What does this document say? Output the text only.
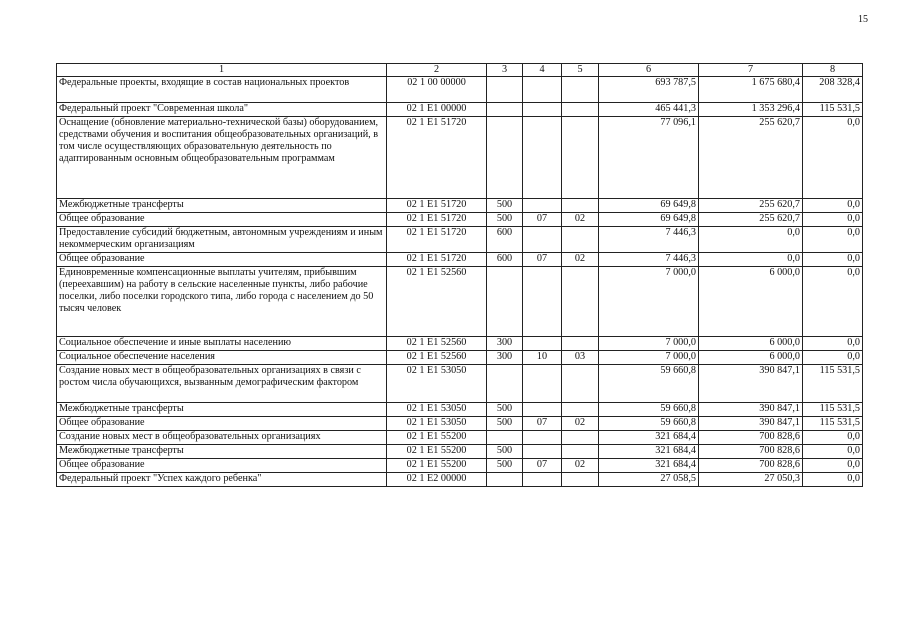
15
1	2	3	4	5	6	7	8
Федеральные проекты, входящие в состав национальных проектов	02 1 00 00000				693 787,5	1 675 680,4	208 328,4
Федеральный проект "Современная школа"	02 1 E1 00000				465 441,3	1 353 296,4	115 531,5
Оснащение (обновление материально-технической базы) оборудованием, средствами обучения и воспитания общеобразовательных организаций, в том числе осуществляющих образовательную деятельность по адаптированным основным общеобразовательным программам	02 1 E1 51720				77 096,1	255 620,7	0,0
Межбюджетные трансферты	02 1 E1 51720	500			69 649,8	255 620,7	0,0
Общее образование	02 1 E1 51720	500	07	02	69 649,8	255 620,7	0,0
Предоставление субсидий бюджетным, автономным учреждениям и иным некоммерческим организациям	02 1 E1 51720	600			7 446,3	0,0	0,0
Общее образование	02 1 E1 51720	600	07	02	7 446,3	0,0	0,0
Единовременные компенсационные выплаты учителям, прибывшим (переехавшим) на работу в сельские населенные пункты, либо рабочие поселки, либо поселки городского типа, либо города с населением до 50 тысяч человек	02 1 E1 52560				7 000,0	6 000,0	0,0
Социальное обеспечение и иные выплаты населению	02 1 E1 52560	300			7 000,0	6 000,0	0,0
Социальное обеспечение населения	02 1 E1 52560	300	10	03	7 000,0	6 000,0	0,0
Создание новых мест в общеобразовательных организациях в связи с ростом числа обучающихся, вызванным демографическим фактором	02 1 E1 53050				59 660,8	390 847,1	115 531,5
Межбюджетные трансферты	02 1 E1 53050	500			59 660,8	390 847,1	115 531,5
Общее образование	02 1 E1 53050	500	07	02	59 660,8	390 847,1	115 531,5
Создание новых мест в общеобразовательных организациях	02 1 E1 55200				321 684,4	700 828,6	0,0
Межбюджетные трансферты	02 1 E1 55200	500			321 684,4	700 828,6	0,0
Общее образование	02 1 E1 55200	500	07	02	321 684,4	700 828,6	0,0
Федеральный проект "Успех каждого ребенка"	02 1 E2 00000				27 058,5	27 050,3	0,0
